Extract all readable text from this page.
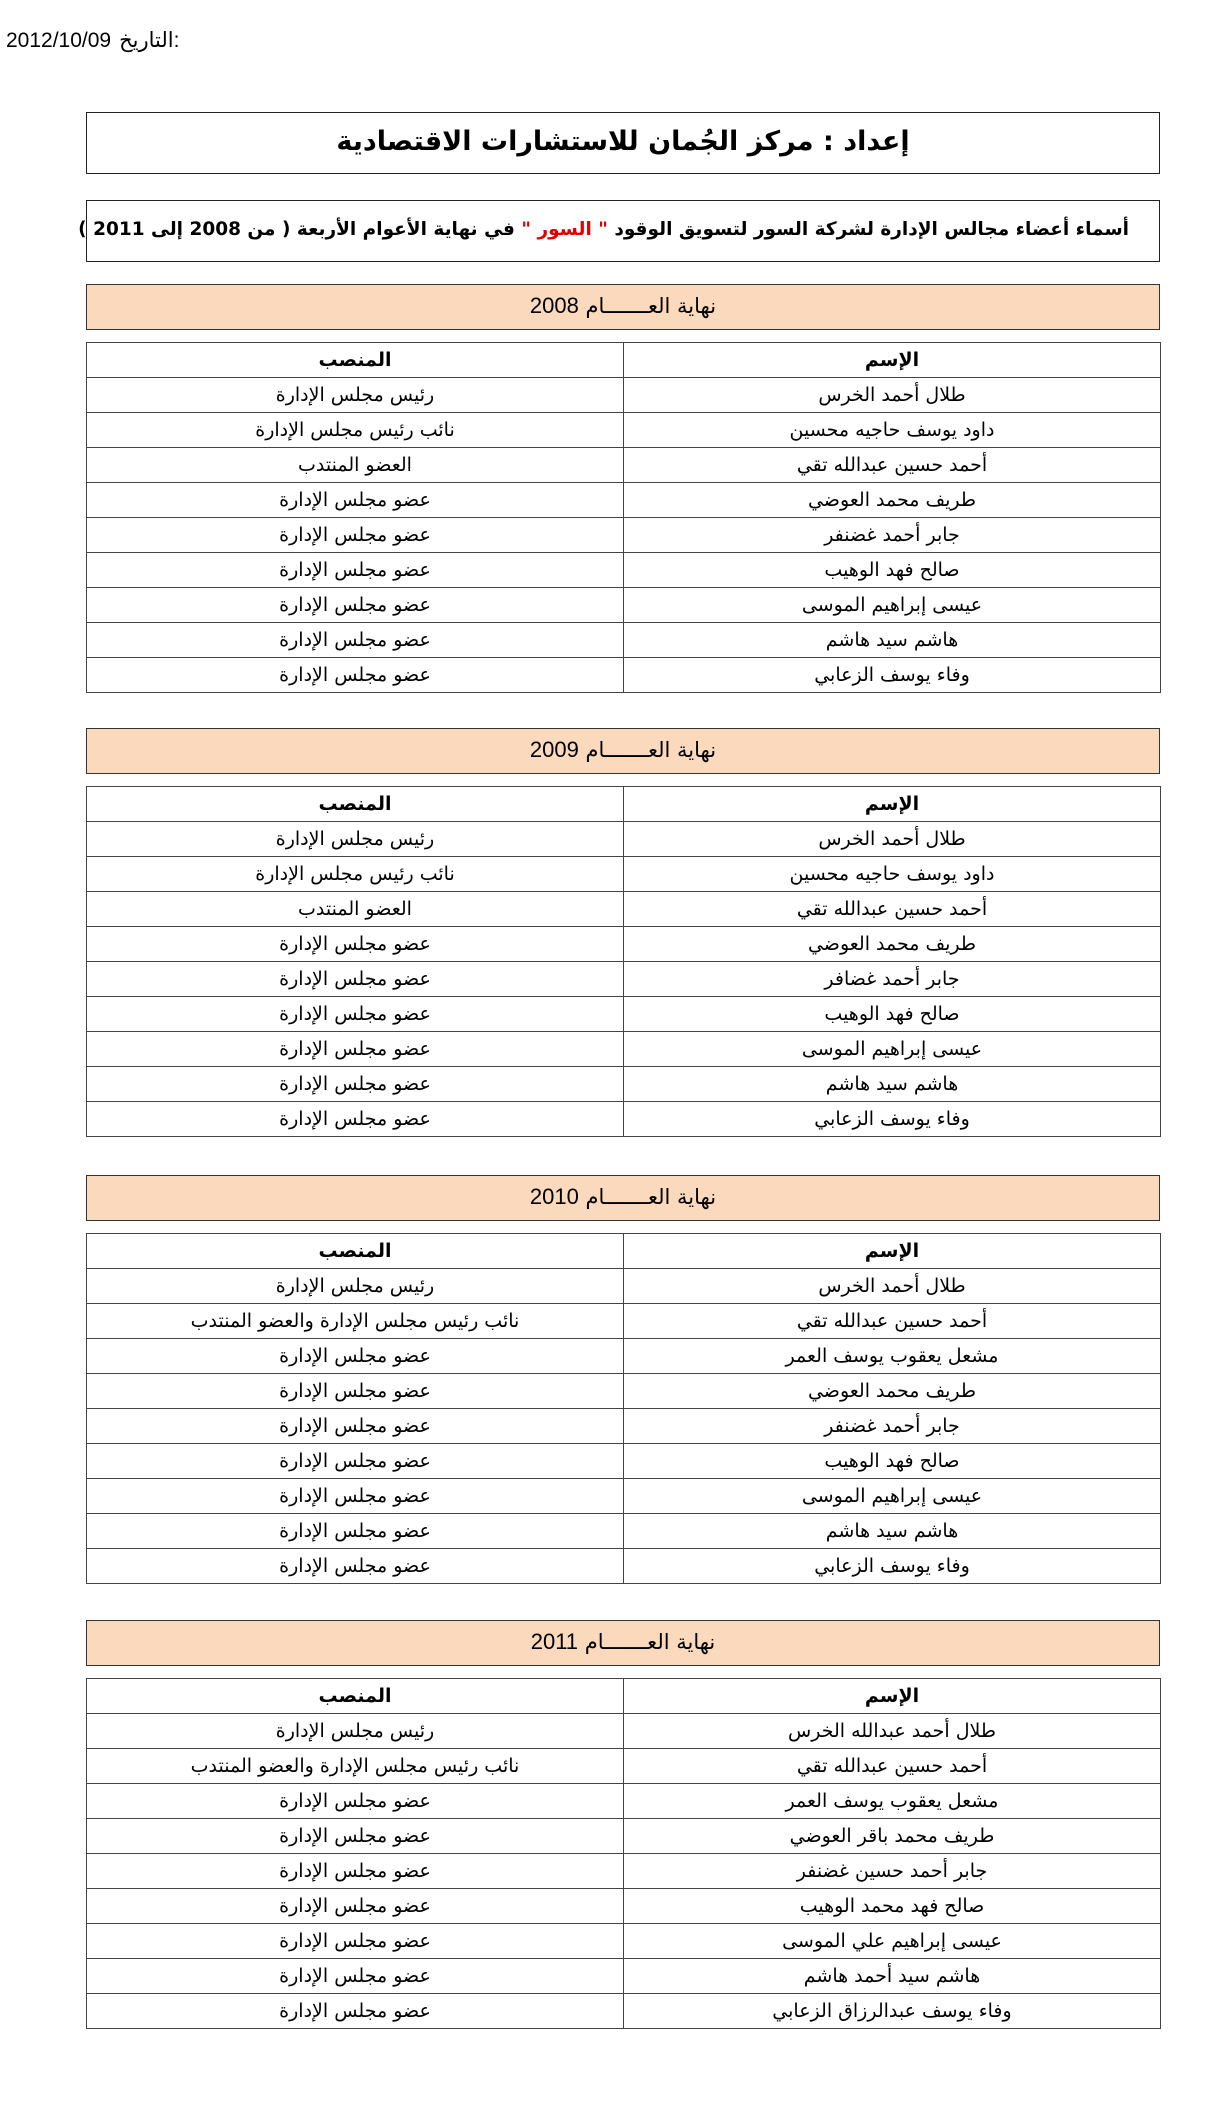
2012/10/09 التاريخ:
إعداد : مركز الجُمان للاستشارات الاقتصادية
أسماء أعضاء مجالس الإدارة لشركة السور لتسويق الوقود " السور " في نهاية الأعوام الأربعة ( من 2008 إلى 2011 )
نهاية العـــــــام 2008
الإسم	المنصب
طلال أحمد الخرس	رئيس مجلس الإدارة
داود يوسف حاجيه محسين	نائب رئيس مجلس الإدارة
أحمد حسين عبدالله تقي	العضو المنتدب
طريف محمد العوضي	عضو مجلس الإدارة
جابر أحمد غضنفر	عضو مجلس الإدارة
صالح فهد الوهيب	عضو مجلس الإدارة
عيسى إبراهيم الموسى	عضو مجلس الإدارة
هاشم سيد هاشم	عضو مجلس الإدارة
وفاء يوسف الزعابي	عضو مجلس الإدارة
نهاية العـــــــام 2009
الإسم	المنصب
طلال أحمد الخرس	رئيس مجلس الإدارة
داود يوسف حاجيه محسين	نائب رئيس مجلس الإدارة
أحمد حسين عبدالله تقي	العضو المنتدب
طريف محمد العوضي	عضو مجلس الإدارة
جابر أحمد غضافر	عضو مجلس الإدارة
صالح فهد الوهيب	عضو مجلس الإدارة
عيسى إبراهيم الموسى	عضو مجلس الإدارة
هاشم سيد هاشم	عضو مجلس الإدارة
وفاء يوسف الزعابي	عضو مجلس الإدارة
نهاية العـــــــام 2010
الإسم	المنصب
طلال أحمد الخرس	رئيس مجلس الإدارة
أحمد حسين عبدالله تقي	نائب رئيس مجلس الإدارة والعضو المنتدب
مشعل يعقوب يوسف العمر	عضو مجلس الإدارة
طريف محمد العوضي	عضو مجلس الإدارة
جابر أحمد غضنفر	عضو مجلس الإدارة
صالح فهد الوهيب	عضو مجلس الإدارة
عيسى إبراهيم الموسى	عضو مجلس الإدارة
هاشم سيد هاشم	عضو مجلس الإدارة
وفاء يوسف الزعابي	عضو مجلس الإدارة
نهاية العـــــــام 2011
الإسم	المنصب
طلال أحمد عبدالله الخرس	رئيس مجلس الإدارة
أحمد حسين عبدالله تقي	نائب رئيس مجلس الإدارة والعضو المنتدب
مشعل يعقوب يوسف العمر	عضو مجلس الإدارة
طريف محمد باقر العوضي	عضو مجلس الإدارة
جابر أحمد حسين غضنفر	عضو مجلس الإدارة
صالح فهد محمد الوهيب	عضو مجلس الإدارة
عيسى إبراهيم علي الموسى	عضو مجلس الإدارة
هاشم سيد أحمد هاشم	عضو مجلس الإدارة
وفاء يوسف عبدالرزاق الزعابي	عضو مجلس الإدارة
